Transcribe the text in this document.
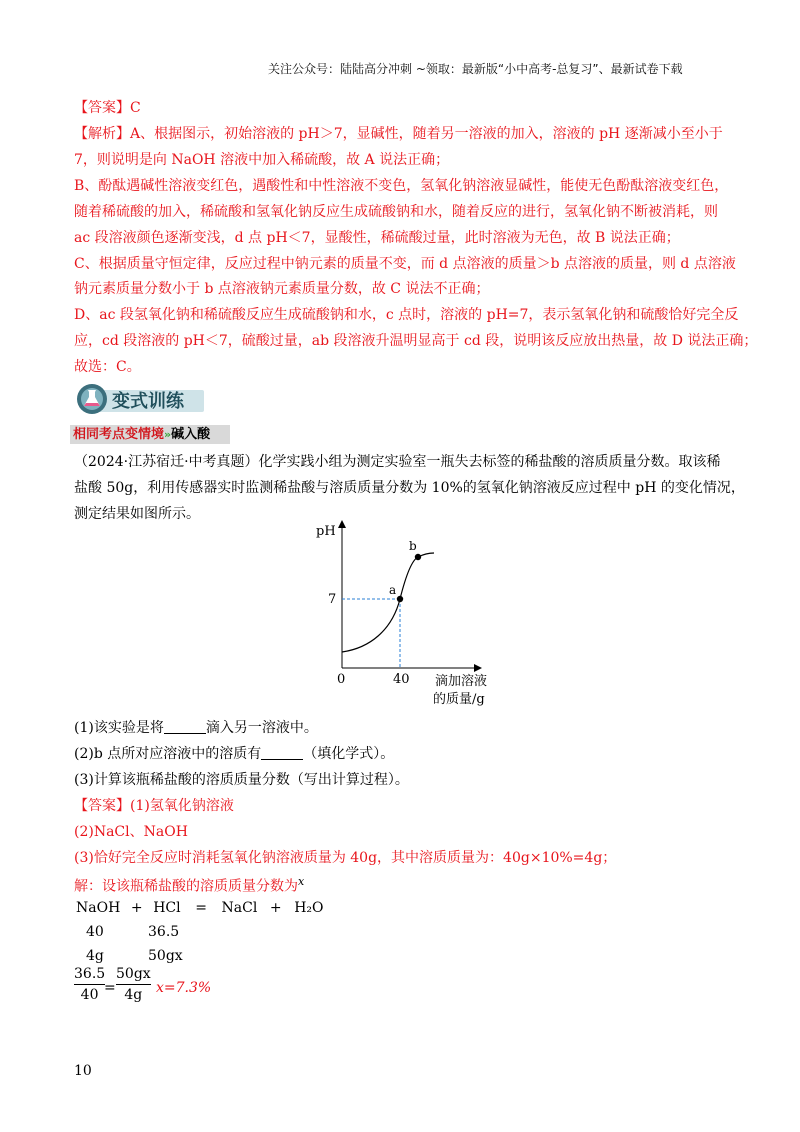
关注公众号：陆陆高分冲刺 ~领取：最新版“小中高考-总复习”、最新试卷下载
【答案】C
【解析】A、根据图示，初始溶液的 pH＞7，显碱性，随着另一溶液的加入，溶液的 pH 逐渐减小至小于
7，则说明是向 NaOH 溶液中加入稀硫酸，故 A 说法正确；
B、酚酞遇碱性溶液变红色，遇酸性和中性溶液不变色，氢氧化钠溶液显碱性，能使无色酚酞溶液变红色，
随着稀硫酸的加入，稀硫酸和氢氧化钠反应生成硫酸钠和水，随着反应的进行，氢氧化钠不断被消耗，则
ac 段溶液颜色逐渐变浅，d 点 pH＜7，显酸性，稀硫酸过量，此时溶液为无色，故 B 说法正确；
C、根据质量守恒定律，反应过程中钠元素的质量不变，而 d 点溶液的质量＞b 点溶液的质量，则 d 点溶液
钠元素质量分数小于 b 点溶液钠元素质量分数，故 C 说法不正确；
D、ac 段氢氧化钠和稀硫酸反应生成硫酸钠和水，c 点时，溶液的 pH=7，表示氢氧化钠和硫酸恰好完全反
应，cd 段溶液的 pH＜7，硫酸过量，ab 段溶液升温明显高于 cd 段，说明该反应放出热量，故 D 说法正确；
故选：C。
变式训练
相同考点变情境»碱入酸
（2024·江苏宿迁·中考真题）化学实践小组为测定实验室一瓶失去标签的稀盐酸的溶质质量分数。取该稀
盐酸 50g，利用传感器实时监测稀盐酸与溶质质量分数为 10%的氢氧化钠溶液反应过程中 pH 的变化情况，
测定结果如图所示。
pH
7
0	40 滴加溶液
的质量/g
a
b
(1)该实验是将	滴入另一溶液中。
(2)b 点所对应溶液中的溶质有	（填化学式）。
(3)计算该瓶稀盐酸的溶质质量分数（写出计算过程）。
【答案】(1)氢氧化钠溶液
(2)NaCl、NaOH
(3)恰好完全反应时消耗氢氧化钠溶液质量为 40g，其中溶质质量为：40g×10%=4g；
解：设该瓶稀盐酸的溶质质量分数为$^x$
NaOH + HCl = NaCl + H₂O
40	36.5
4g	50gx
36.5
40 =
50gx
4g x=7.3%
10
